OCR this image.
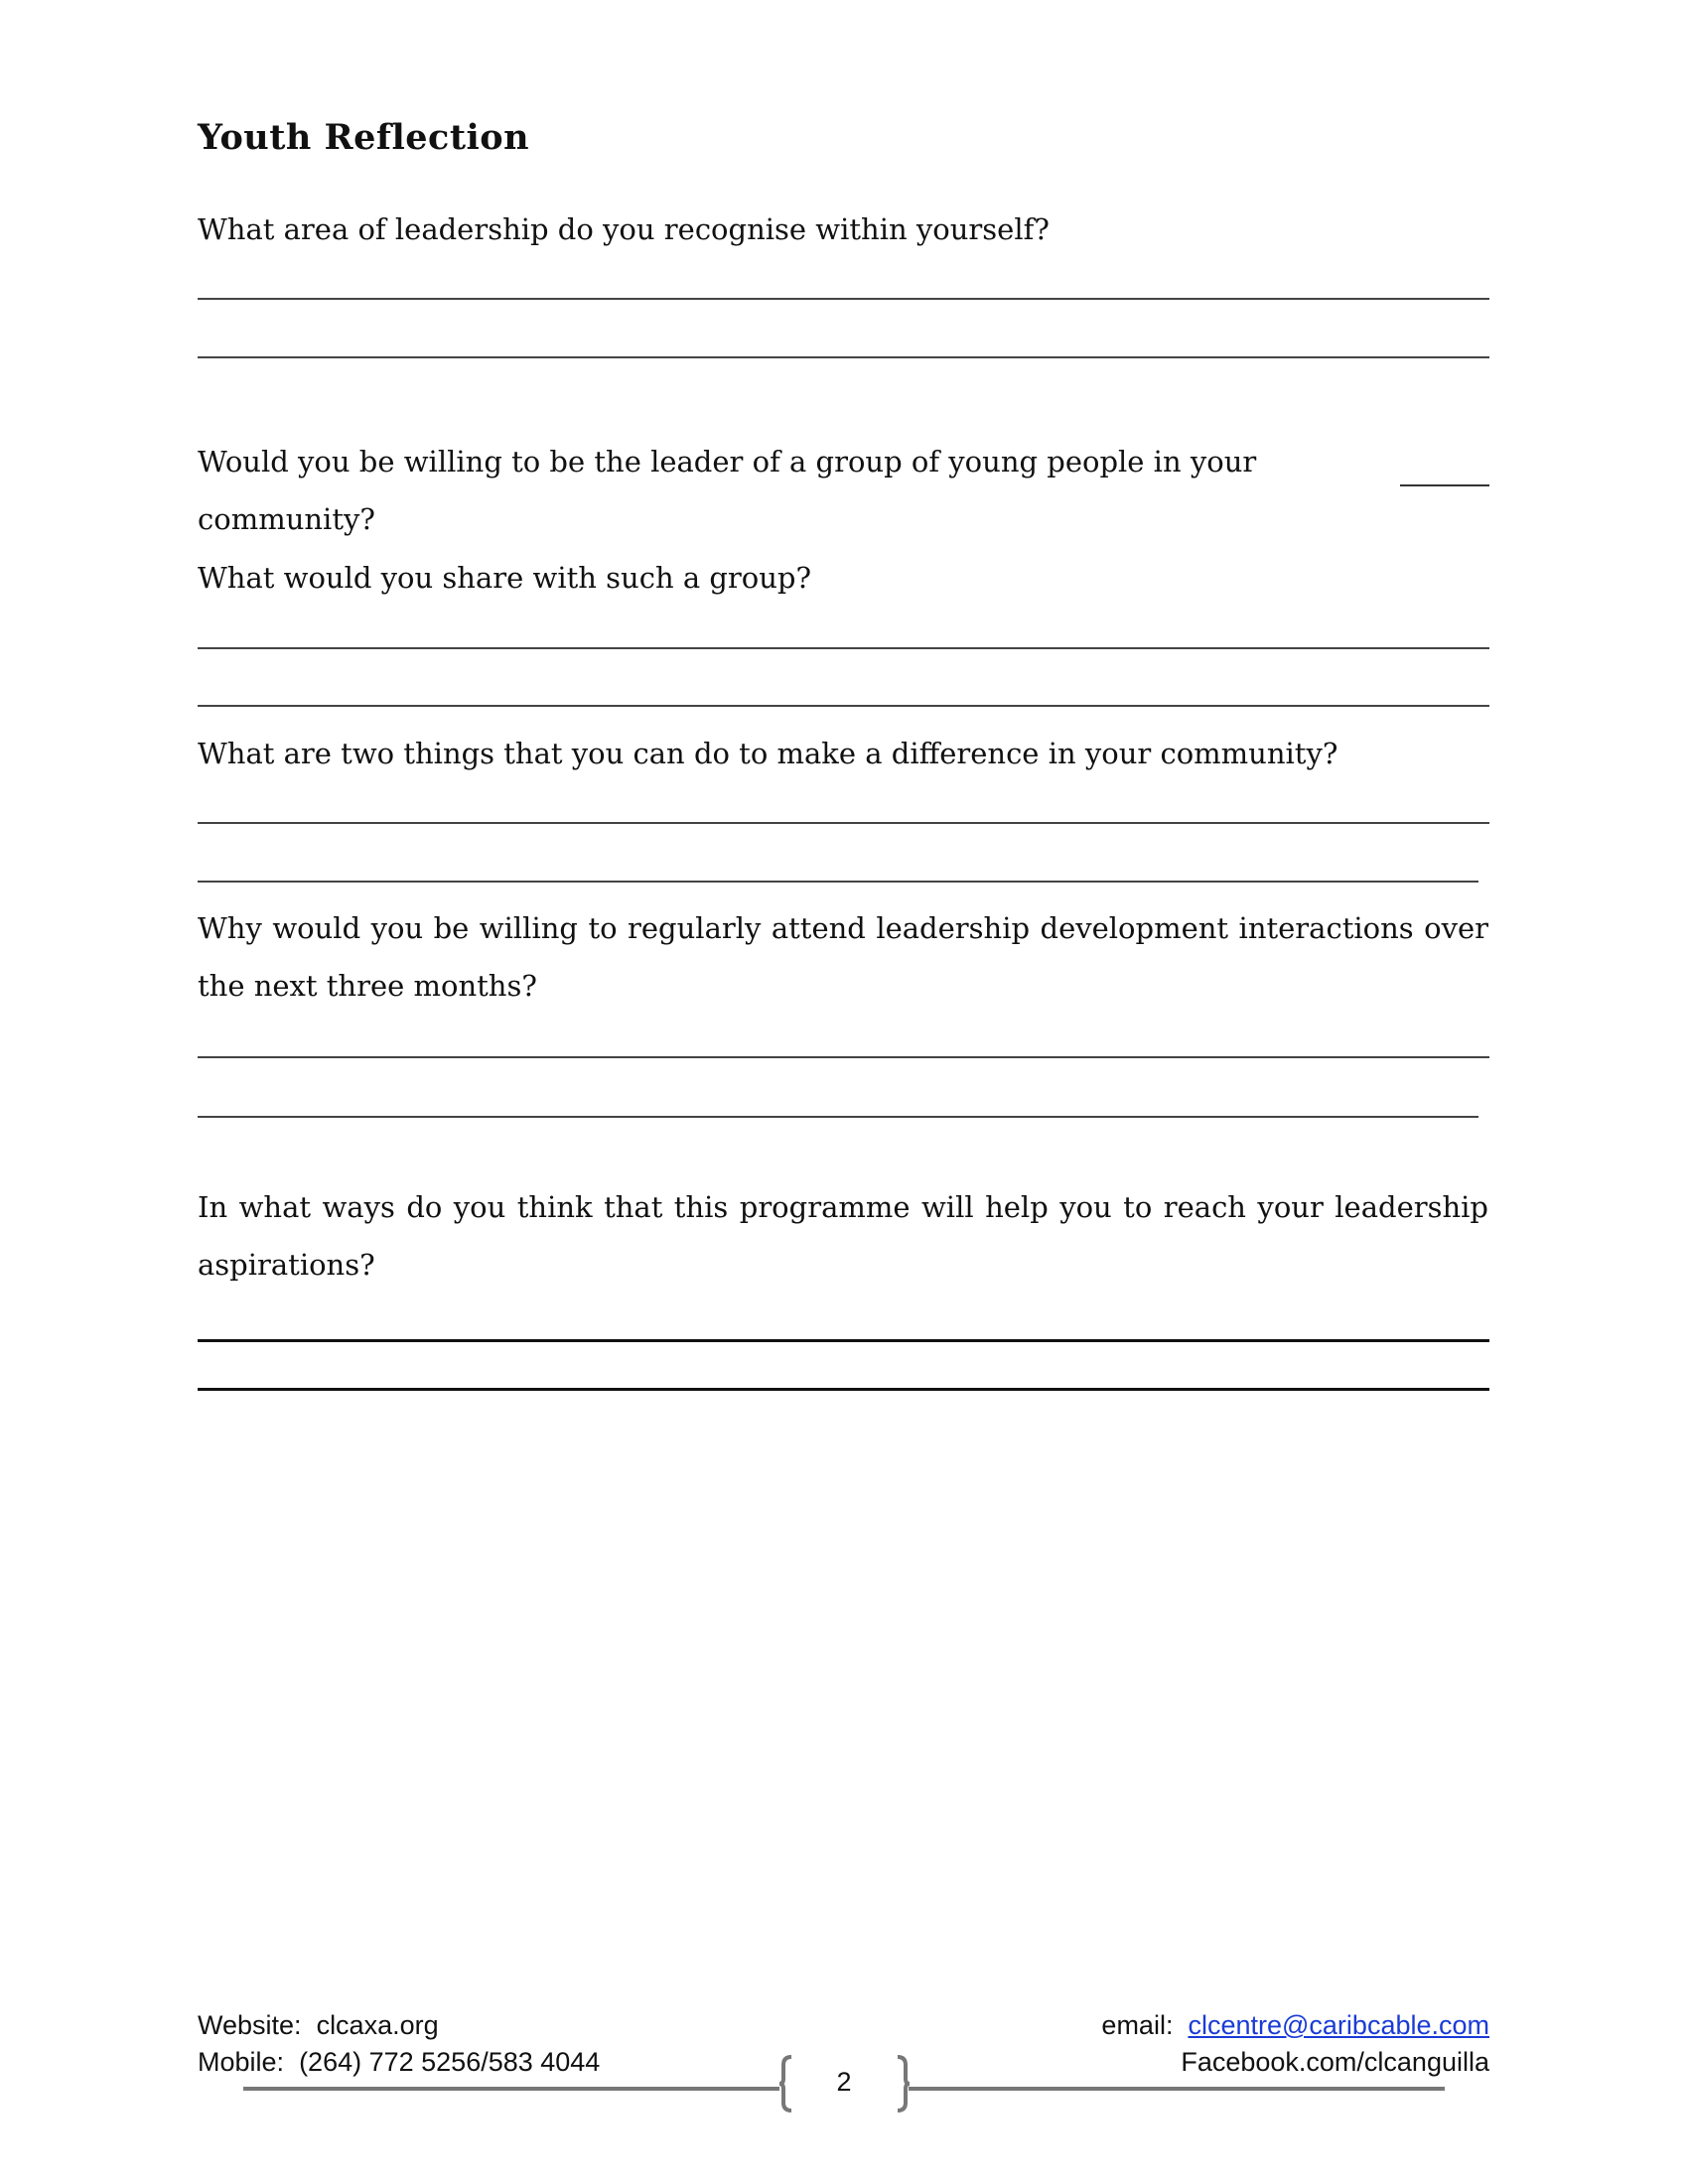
Youth Reflection

What area of leadership do you recognise within yourself?

Would you be willing to be the leader of a group of young people in your community?

What would you share with such a group?

What are two things that you can do to make a difference in your community?

Why would you be willing to regularly attend leadership development interactions over the next three months?

In what ways do you think that this programme will help you to reach your leadership aspirations?

Website: clcaxa.org
Mobile: (264) 772 5256/583 4044
email: clcentre@caribcable.com
Facebook.com/clcanguilla
2
